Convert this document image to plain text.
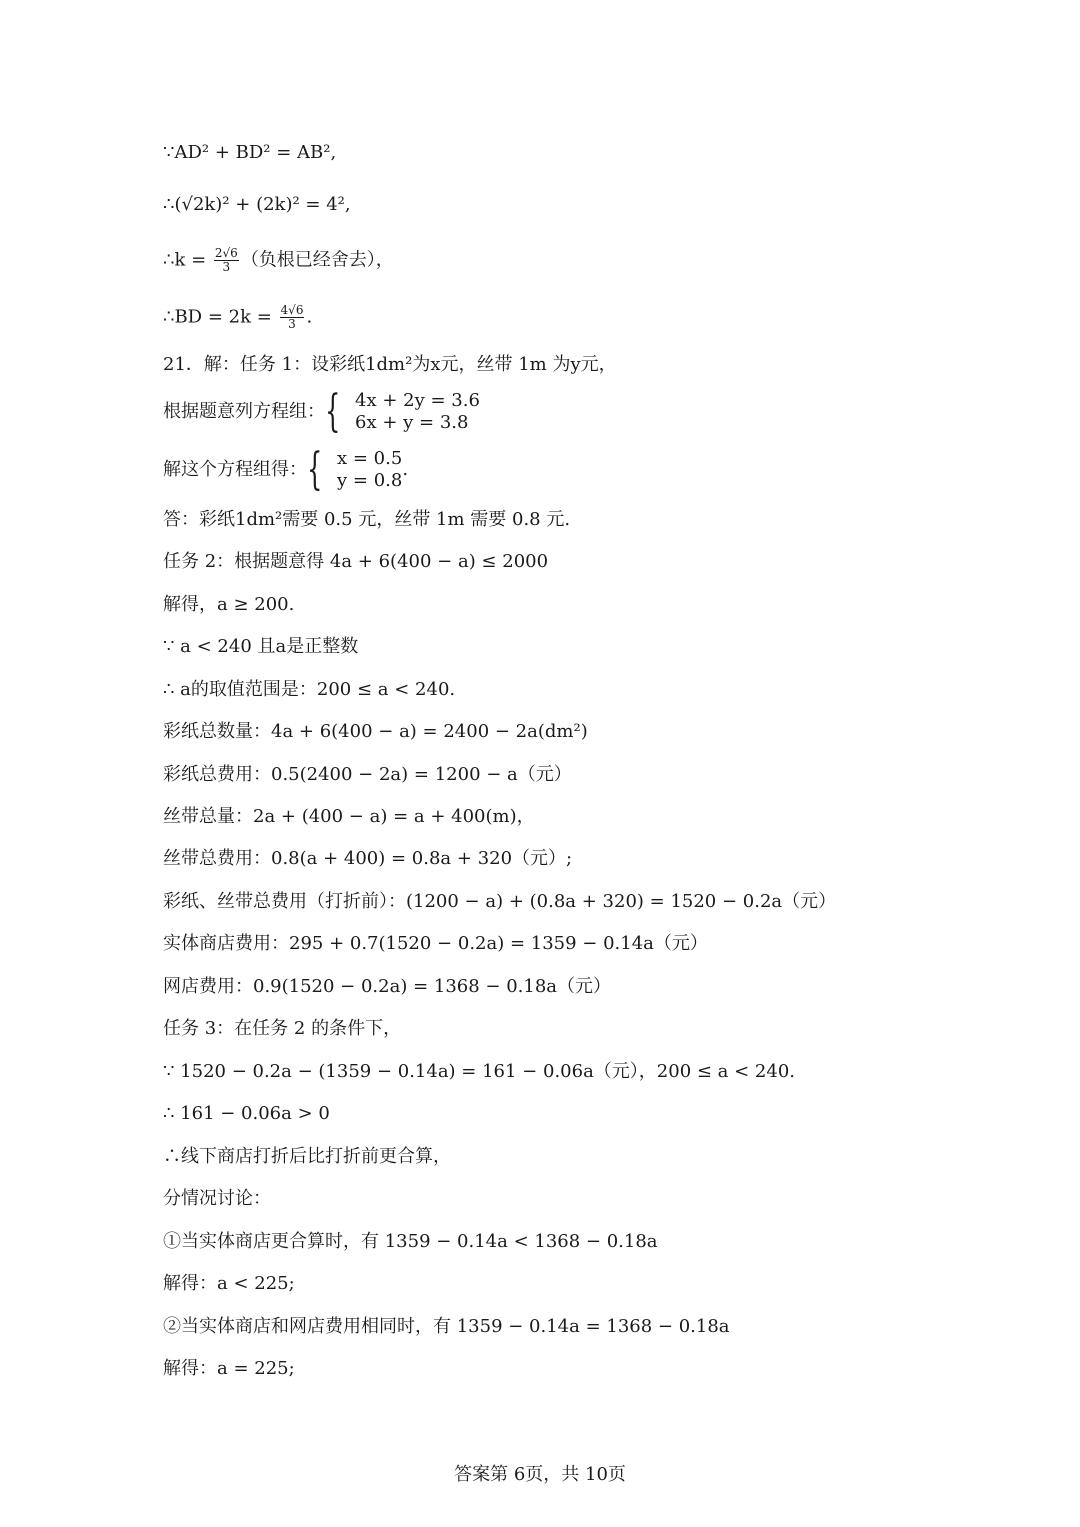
∵AD² + BD² = AB²,
∴(√2k)² + (2k)² = 4²,
∴k = $\frac{2√6}{3}$ （负根已经舍去），
∴BD = $2k = \frac{4√6}{3}$ .
21．解：任务 1：设彩纸1dm²为x元，丝带 1m 为y元，
根据题意列方程组：{ 4x + 2y = 3.6
6x + y = 3.8
解这个方程组得：{ x = 0.5
y = 0.8
.
答：彩纸1dm²需要 0.5 元，丝带 1m 需要 0.8 元.
任务 2：根据题意得 4a + 6(400 − a) ≤ 2000
解得，a ≥ 200.
∵ a < 240 且a是正整数
∴ a的取值范围是：200 ≤ a < 240.
彩纸总数量：4a + 6(400 − a) = 2400 − 2a(dm²)
彩纸总费用：0.5(2400 − 2a) = 1200 − a（元）
丝带总量：2a + (400 − a) = a + 400(m)，
丝带总费用：0.8(a + 400) = 0.8a + 320（元）;
彩纸、丝带总费用（打折前）：(1200 − a) + (0.8a + 320) = 1520 − 0.2a（元）
实体商店费用：295 + 0.7(1520 − 0.2a) = 1359 − 0.14a（元）
网店费用：0.9(1520 − 0.2a) = 1368 − 0.18a（元）
任务 3：在任务 2 的条件下，
∵ 1520 − 0.2a − (1359 − 0.14a) = 161 − 0.06a（元），200 ≤ a < 240.
∴ 161 − 0.06a > 0
∴线下商店打折后比打折前更合算，
分情况讨论：
①当实体商店更合算时，有 1359 − 0.14a < 1368 − 0.18a
解得：a < 225;
②当实体商店和网店费用相同时，有 1359 − 0.14a = 1368 − 0.18a
解得：a = 225;
答案第 6页，共 10页
